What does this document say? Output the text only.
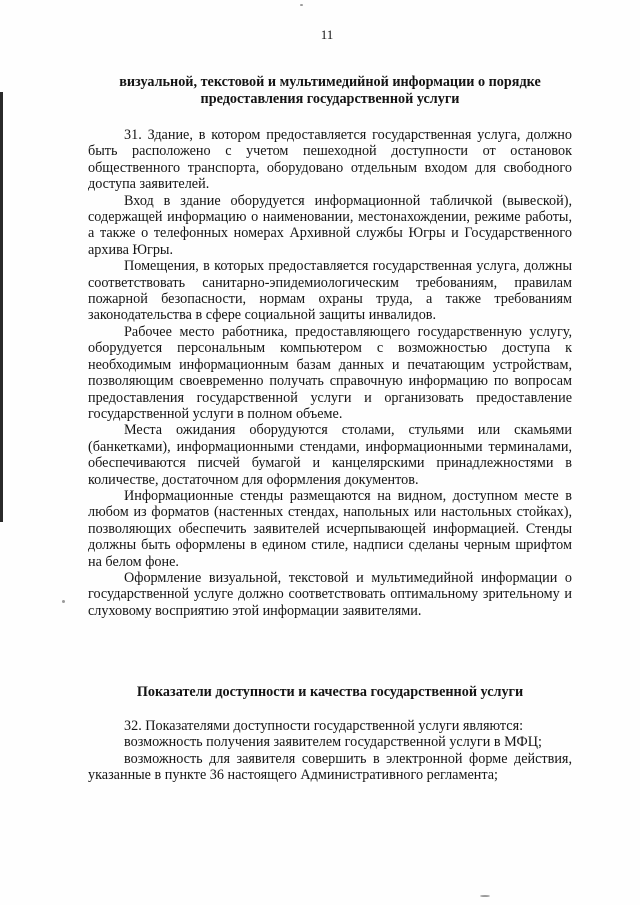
11
визуальной, текстовой и мультимедийной информации о порядке предоставления государственной услуги

31. Здание, в котором предоставляется государственная услуга, должно быть расположено с учетом пешеходной доступности от остановок общественного транспорта, оборудовано отдельным входом для свободного доступа заявителей.

Вход в здание оборудуется информационной табличкой (вывеской), содержащей информацию о наименовании, местонахождении, режиме работы, а также о телефонных номерах Архивной службы Югры и Государственного архива Югры.

Помещения, в которых предоставляется государственная услуга, должны соответствовать санитарно-эпидемиологическим требованиям, правилам пожарной безопасности, нормам охраны труда, а также требованиям законодательства в сфере социальной защиты инвалидов.

Рабочее место работника, предоставляющего государственную услугу, оборудуется персональным компьютером с возможностью доступа к необходимым информационным базам данных и печатающим устройствам, позволяющим своевременно получать справочную информацию по вопросам предоставления государственной услуги и организовать предоставление государственной услуги в полном объеме.

Места ожидания оборудуются столами, стульями или скамьями (банкетками), информационными стендами, информационными терминалами, обеспечиваются писчей бумагой и канцелярскими принадлежностями в количестве, достаточном для оформления документов.

Информационные стенды размещаются на видном, доступном месте в любом из форматов (настенных стендах, напольных или настольных стойках), позволяющих обеспечить заявителей исчерпывающей информацией. Стенды должны быть оформлены в едином стиле, надписи сделаны черным шрифтом на белом фоне.

Оформление визуальной, текстовой и мультимедийной информации о государственной услуге должно соответствовать оптимальному зрительному и слуховому восприятию этой информации заявителями.

Показатели доступности и качества государственной услуги

32. Показателями доступности государственной услуги являются:

возможность получения заявителем государственной услуги в МФЦ;

возможность для заявителя совершить в электронной форме действия, указанные в пункте 36 настоящего Административного регламента;
